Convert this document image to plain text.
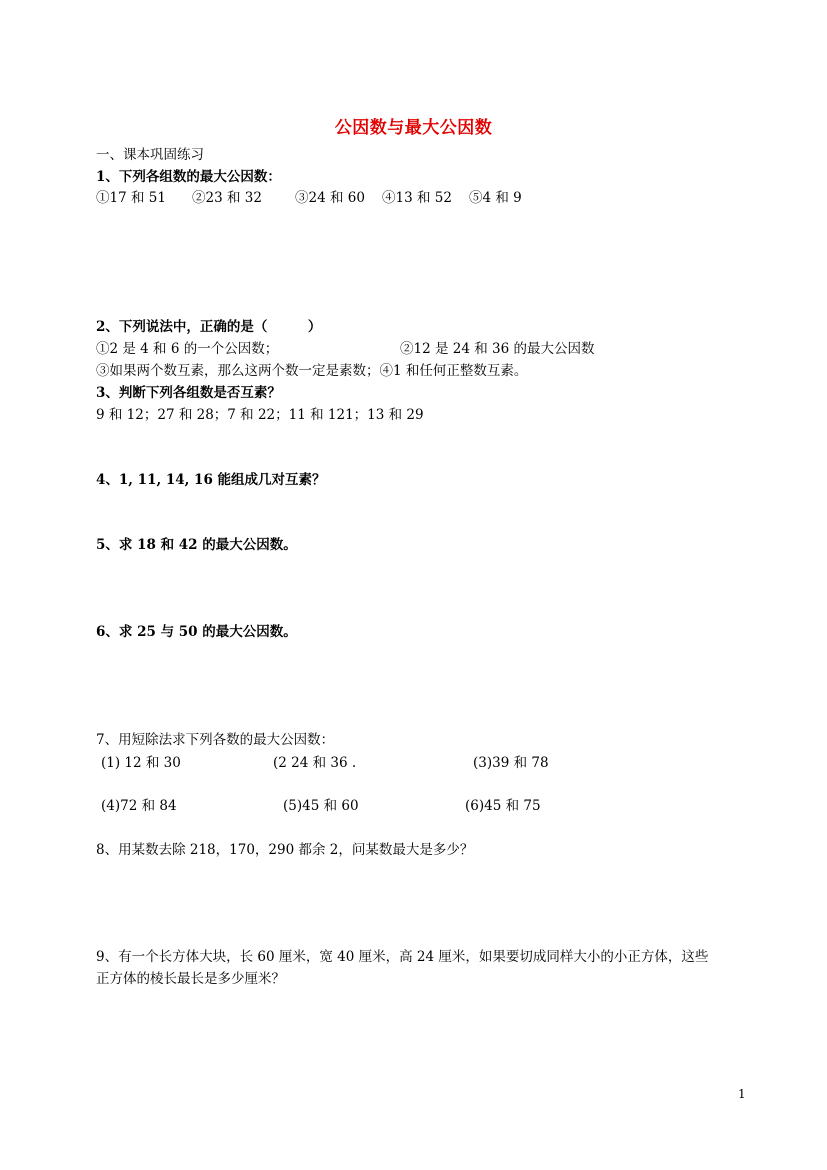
公因数与最大公因数
一、课本巩固练习
1、下列各组数的最大公因数：
①17 和 51 ②23 和 32 ③24 和 60 ④13 和 52 ⑤4 和 9
2、下列说法中，正确的是（　　　）
①2 是 4 和 6 的一个公因数；	②12 是 24 和 36 的最大公因数
③如果两个数互素，那么这两个数一定是素数；④1 和任何正整数互素。
3、判断下列各组数是否互素？
9 和 12；27 和 28；7 和 22；11 和 121；13 和 29
4、1, 11, 14, 16 能组成几对互素？
5、求 18 和 42 的最大公因数。
6、求 25 与 50 的最大公因数。
7、用短除法求下列各数的最大公因数：
(1) 12 和 30	(2 24 和 36 .	(3)39 和 78
(4)72 和 84	(5)45 和 60	(6)45 和 75
8、用某数去除 218，170，290 都余 2，问某数最大是多少？
9、有一个长方体大块，长 60 厘米，宽 40 厘米，高 24 厘米，如果要切成同样大小的小正方体，这些
正方体的棱长最长是多少厘米？
1
